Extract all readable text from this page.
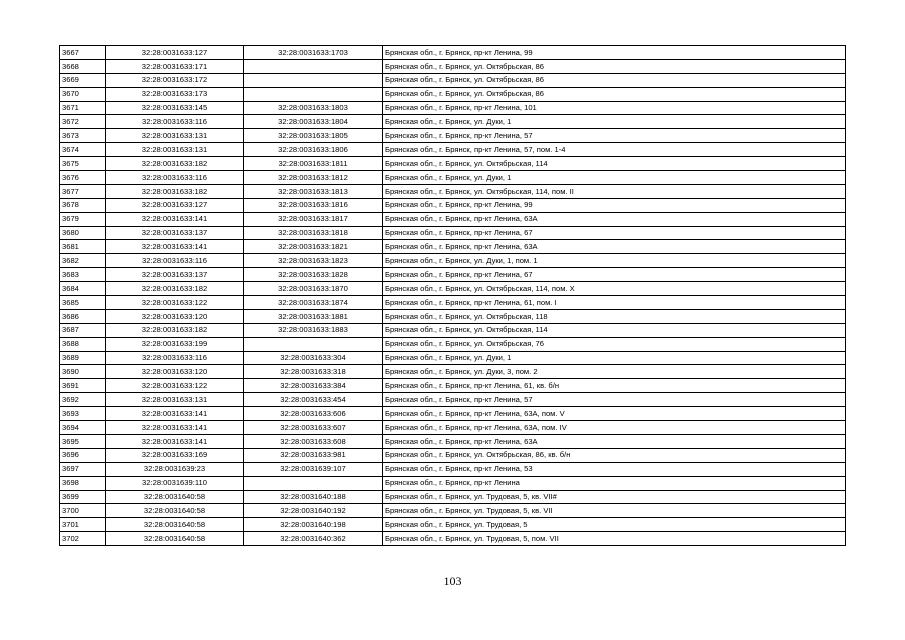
3667	32:28:0031633:127	32:28:0031633:1703	Брянская обл., г. Брянск, пр-кт Ленина, 99
3668	32:28:0031633:171		Брянская обл., г. Брянск, ул. Октябрьская, 86
3669	32:28:0031633:172		Брянская обл., г. Брянск, ул. Октябрьская, 86
3670	32:28:0031633:173		Брянская обл., г. Брянск, ул. Октябрьская, 86
3671	32:28:0031633:145	32:28:0031633:1803	Брянская обл., г. Брянск, пр-кт Ленина, 101
3672	32:28:0031633:116	32:28:0031633:1804	Брянская обл., г. Брянск, ул. Дуки, 1
3673	32:28:0031633:131	32:28:0031633:1805	Брянская обл., г. Брянск, пр-кт Ленина, 57
3674	32:28:0031633:131	32:28:0031633:1806	Брянская обл., г. Брянск, пр-кт Ленина, 57, пом. 1-4
3675	32:28:0031633:182	32:28:0031633:1811	Брянская обл., г. Брянск, ул. Октябрьская, 114
3676	32:28:0031633:116	32:28:0031633:1812	Брянская обл., г. Брянск, ул. Дуки, 1
3677	32:28:0031633:182	32:28:0031633:1813	Брянская обл., г. Брянск, ул. Октябрьская, 114, пом. II
3678	32:28:0031633:127	32:28:0031633:1816	Брянская обл., г. Брянск, пр-кт Ленина, 99
3679	32:28:0031633:141	32:28:0031633:1817	Брянская обл., г. Брянск, пр-кт Ленина, 63А
3680	32:28:0031633:137	32:28:0031633:1818	Брянская обл., г. Брянск, пр-кт Ленина, 67
3681	32:28:0031633:141	32:28:0031633:1821	Брянская обл., г. Брянск, пр-кт Ленина, 63А
3682	32:28:0031633:116	32:28:0031633:1823	Брянская обл., г. Брянск, ул. Дуки, 1, пом. 1
3683	32:28:0031633:137	32:28:0031633:1828	Брянская обл., г. Брянск, пр-кт Ленина, 67
3684	32:28:0031633:182	32:28:0031633:1870	Брянская обл., г. Брянск, ул. Октябрьская, 114, пом. X
3685	32:28:0031633:122	32:28:0031633:1874	Брянская обл., г. Брянск, пр-кт Ленина, 61, пом. I
3686	32:28:0031633:120	32:28:0031633:1881	Брянская обл., г. Брянск, ул. Октябрьская, 118
3687	32:28:0031633:182	32:28:0031633:1883	Брянская обл., г. Брянск, ул. Октябрьская, 114
3688	32:28:0031633:199		Брянская обл., г. Брянск, ул. Октябрьская, 76
3689	32:28:0031633:116	32:28:0031633:304	Брянская обл., г. Брянск, ул. Дуки, 1
3690	32:28:0031633:120	32:28:0031633:318	Брянская обл., г. Брянск, ул. Дуки, 3, пом. 2
3691	32:28:0031633:122	32:28:0031633:384	Брянская обл., г. Брянск, пр-кт Ленина, 61, кв. б/н
3692	32:28:0031633:131	32:28:0031633:454	Брянская обл., г. Брянск, пр-кт Ленина, 57
3693	32:28:0031633:141	32:28:0031633:606	Брянская обл., г. Брянск, пр-кт Ленина, 63А, пом. V
3694	32:28:0031633:141	32:28:0031633:607	Брянская обл., г. Брянск, пр-кт Ленина, 63А, пом. IV
3695	32:28:0031633:141	32:28:0031633:608	Брянская обл., г. Брянск, пр-кт Ленина, 63А
3696	32:28:0031633:169	32:28:0031633:981	Брянская обл., г. Брянск, ул. Октябрьская, 86, кв. б/н
3697	32:28:0031639:23	32:28:0031639:107	Брянская обл., г. Брянск, пр-кт Ленина, 53
3698	32:28:0031639:110		Брянская обл., г. Брянск, пр-кт Ленина
3699	32:28:0031640:58	32:28:0031640:188	Брянская обл., г. Брянск, ул. Трудовая, 5, кв. VII#
3700	32:28:0031640:58	32:28:0031640:192	Брянская обл., г. Брянск, ул. Трудовая, 5, кв. VII
3701	32:28:0031640:58	32:28:0031640:198	Брянская обл., г. Брянск, ул. Трудовая, 5
3702	32:28:0031640:58	32:28:0031640:362	Брянская обл., г. Брянск, ул. Трудовая, 5, пом. VII
103
